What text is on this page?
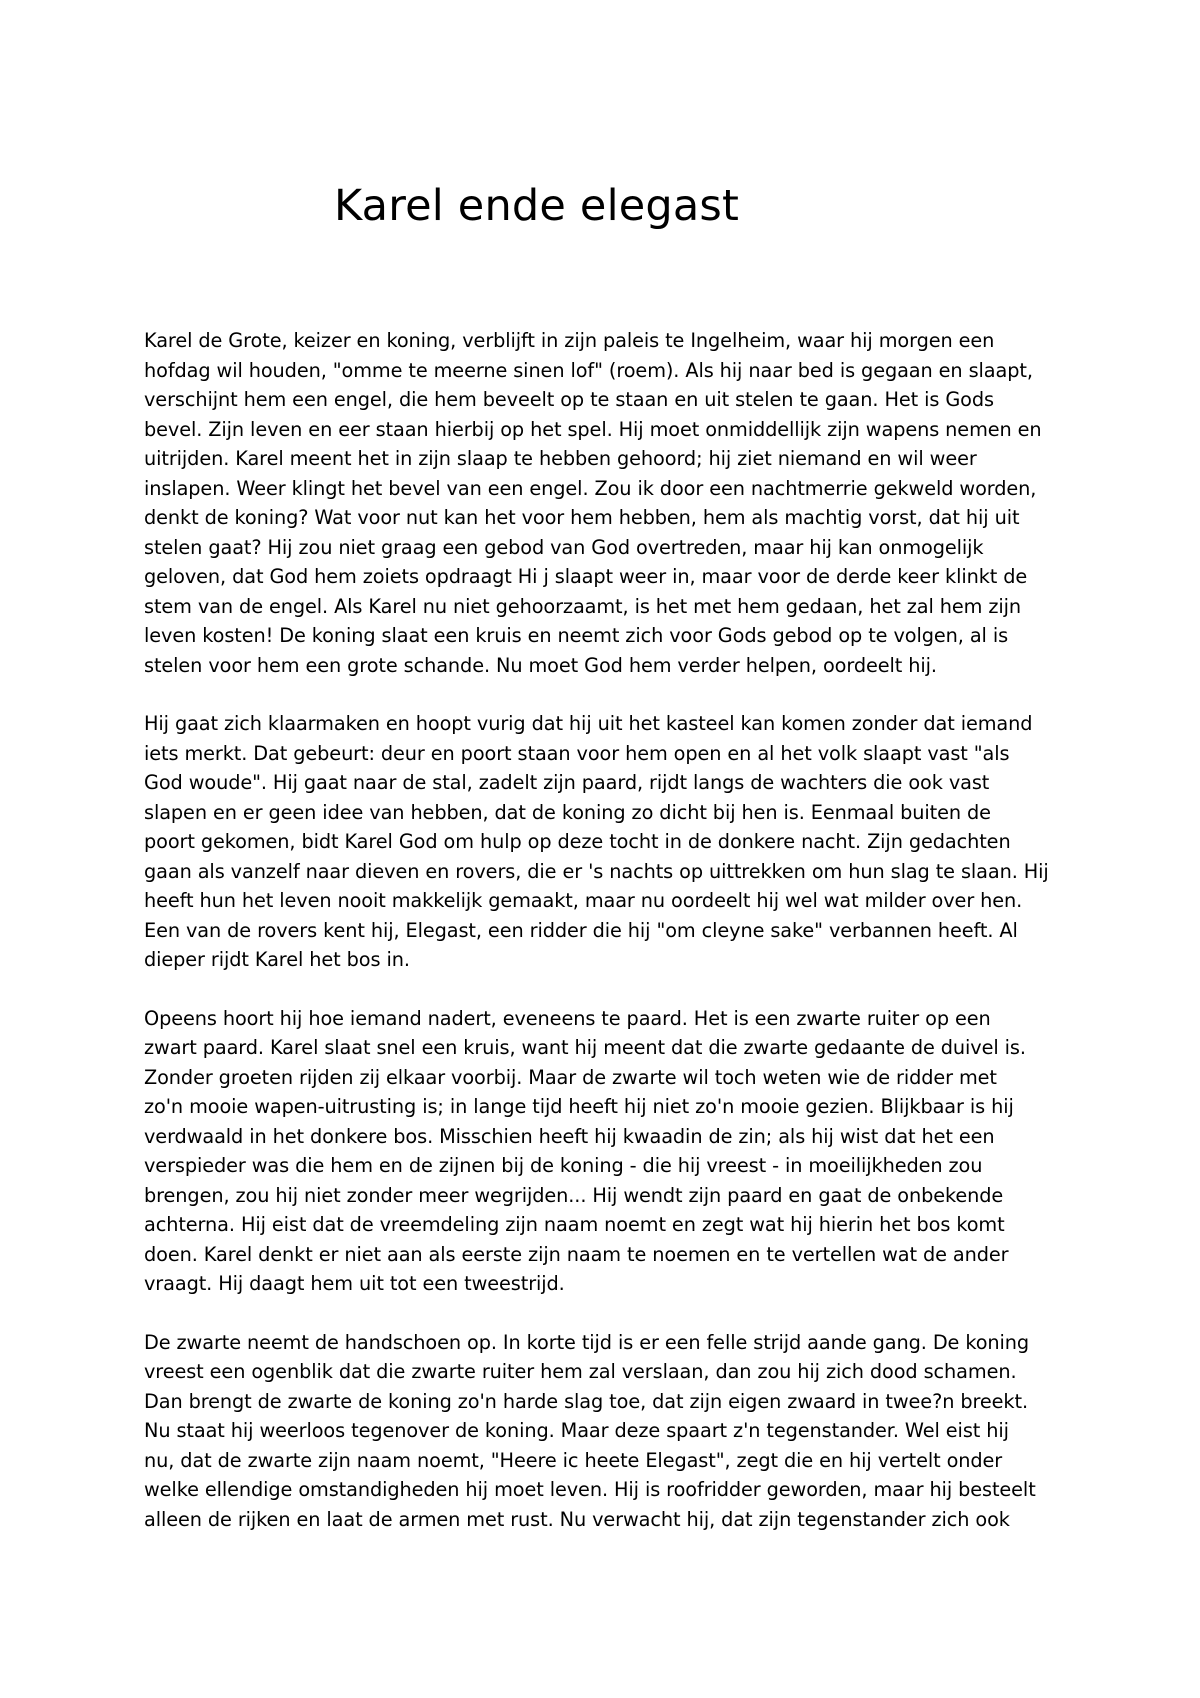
Karel ende elegast
Karel de Grote, keizer en koning, verblijft in zijn paleis te Ingelheim, waar hij morgen een
hofdag wil houden, "omme te meerne sinen lof" (roem). Als hij naar bed is gegaan en slaapt,
verschijnt hem een engel, die hem beveelt op te staan en uit stelen te gaan. Het is Gods
bevel. Zijn leven en eer staan hierbij op het spel. Hij moet onmiddellijk zijn wapens nemen en
uitrijden. Karel meent het in zijn slaap te hebben gehoord; hij ziet niemand en wil weer
inslapen. Weer klingt het bevel van een engel. Zou ik door een nachtmerrie gekweld worden,
denkt de koning? Wat voor nut kan het voor hem hebben, hem als machtig vorst, dat hij uit
stelen gaat? Hij zou niet graag een gebod van God overtreden, maar hij kan onmogelijk
geloven, dat God hem zoiets opdraagt Hi j slaapt weer in, maar voor de derde keer klinkt de
stem van de engel. Als Karel nu niet gehoorzaamt, is het met hem gedaan, het zal hem zijn
leven kosten! De koning slaat een kruis en neemt zich voor Gods gebod op te volgen, al is
stelen voor hem een grote schande. Nu moet God hem verder helpen, oordeelt hij.
Hij gaat zich klaarmaken en hoopt vurig dat hij uit het kasteel kan komen zonder dat iemand
iets merkt. Dat gebeurt: deur en poort staan voor hem open en al het volk slaapt vast "als
God woude". Hij gaat naar de stal, zadelt zijn paard, rijdt langs de wachters die ook vast
slapen en er geen idee van hebben, dat de koning zo dicht bij hen is. Eenmaal buiten de
poort gekomen, bidt Karel God om hulp op deze tocht in de donkere nacht. Zijn gedachten
gaan als vanzelf naar dieven en rovers, die er 's nachts op uittrekken om hun slag te slaan. Hij
heeft hun het leven nooit makkelijk gemaakt, maar nu oordeelt hij wel wat milder over hen.
Een van de rovers kent hij, Elegast, een ridder die hij "om cleyne sake" verbannen heeft. Al
dieper rijdt Karel het bos in.
Opeens hoort hij hoe iemand nadert, eveneens te paard. Het is een zwarte ruiter op een
zwart paard. Karel slaat snel een kruis, want hij meent dat die zwarte gedaante de duivel is.
Zonder groeten rijden zij elkaar voorbij. Maar de zwarte wil toch weten wie de ridder met
zo'n mooie wapen-uitrusting is; in lange tijd heeft hij niet zo'n mooie gezien. Blijkbaar is hij
verdwaald in het donkere bos. Misschien heeft hij kwaadin de zin; als hij wist dat het een
verspieder was die hem en de zijnen bij de koning - die hij vreest - in moeilijkheden zou
brengen, zou hij niet zonder meer wegrijden... Hij wendt zijn paard en gaat de onbekende
achterna. Hij eist dat de vreemdeling zijn naam noemt en zegt wat hij hierin het bos komt
doen. Karel denkt er niet aan als eerste zijn naam te noemen en te vertellen wat de ander
vraagt. Hij daagt hem uit tot een tweestrijd.
De zwarte neemt de handschoen op. In korte tijd is er een felle strijd aande gang. De koning
vreest een ogenblik dat die zwarte ruiter hem zal verslaan, dan zou hij zich dood schamen.
Dan brengt de zwarte de koning zo'n harde slag toe, dat zijn eigen zwaard in twee?n breekt.
Nu staat hij weerloos tegenover de koning. Maar deze spaart z'n tegenstander. Wel eist hij
nu, dat de zwarte zijn naam noemt, "Heere ic heete Elegast", zegt die en hij vertelt onder
welke ellendige omstandigheden hij moet leven. Hij is roofridder geworden, maar hij besteelt
alleen de rijken en laat de armen met rust. Nu verwacht hij, dat zijn tegenstander zich ook
